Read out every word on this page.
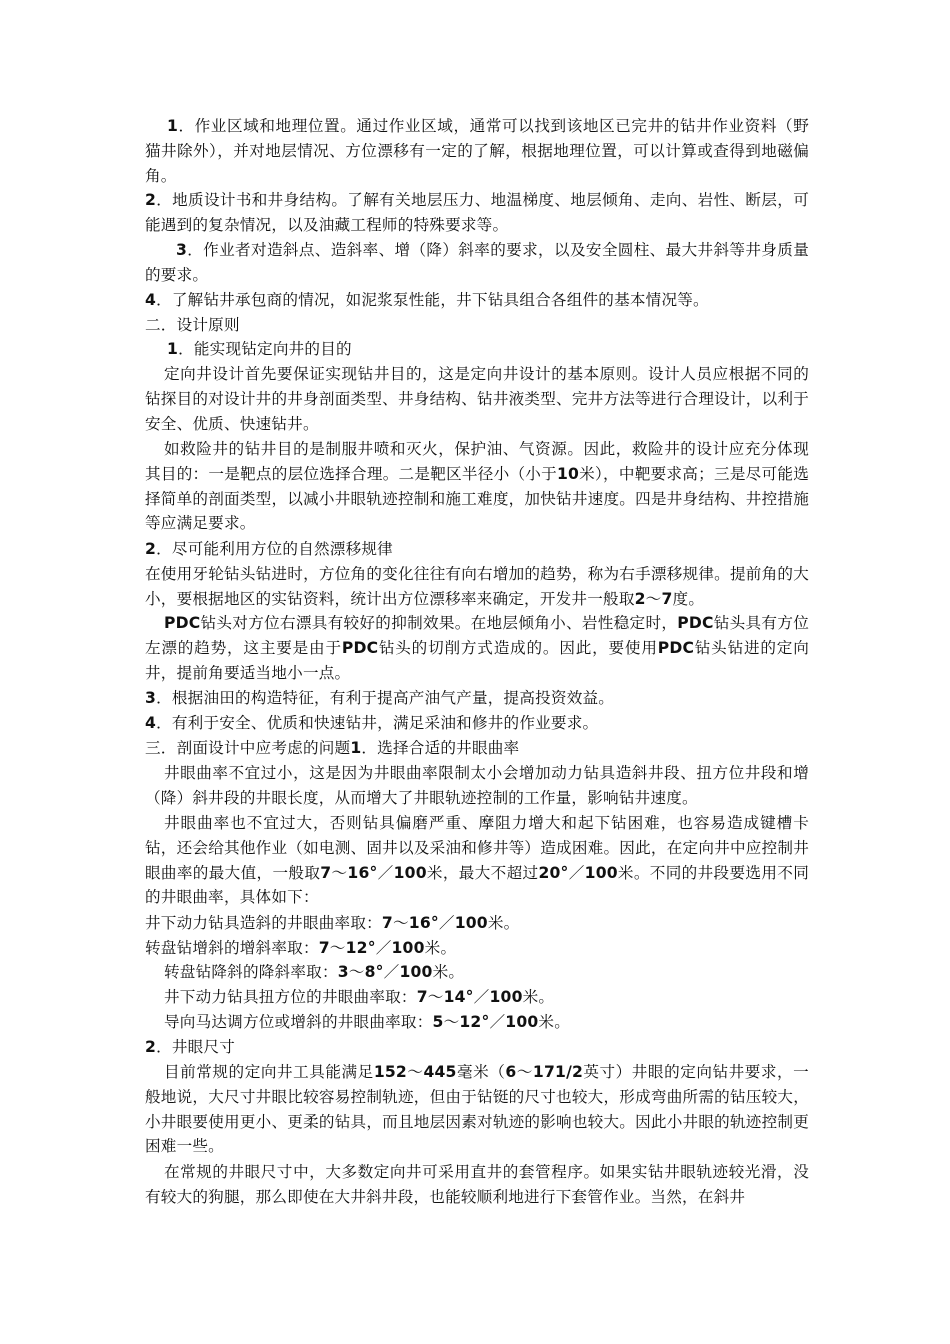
1．作业区域和地理位置。通过作业区域，通常可以找到该地区已完井的钻井作业资料（野猫井除外），并对地层情况、方位漂移有一定的了解，根据地理位置，可以计算或查得到地磁偏角。

2．地质设计书和井身结构。了解有关地层压力、地温梯度、地层倾角、走向、岩性、断层，可能遇到的复杂情况，以及油藏工程师的特殊要求等。

3．作业者对造斜点、造斜率、增（降）斜率的要求，以及安全圆柱、最大井斜等井身质量的要求。

4．了解钻井承包商的情况，如泥浆泵性能，井下钻具组合各组件的基本情况等。

二．设计原则

1．能实现钻定向井的目的

定向井设计首先要保证实现钻井目的，这是定向井设计的基本原则。设计人员应根据不同的钻探目的对设计井的井身剖面类型、井身结构、钻井液类型、完井方法等进行合理设计，以利于安全、优质、快速钻井。

如救险井的钻井目的是制服井喷和灭火，保护油、气资源。因此，救险井的设计应充分体现其目的：一是靶点的层位选择合理。二是靶区半径小（小于10米），中靶要求高；三是尽可能选择简单的剖面类型，以减小井眼轨迹控制和施工难度，加快钻井速度。四是井身结构、井控措施等应满足要求。

2．尽可能利用方位的自然漂移规律

在使用牙轮钻头钻进时，方位角的变化往往有向右增加的趋势，称为右手漂移规律。提前角的大小，要根据地区的实钻资料，统计出方位漂移率来确定，开发井一般取2～7度。

PDC钻头对方位右漂具有较好的抑制效果。在地层倾角小、岩性稳定时，PDC钻头具有方位左漂的趋势，这主要是由于PDC钻头的切削方式造成的。因此，要使用PDC钻头钻进的定向井，提前角要适当地小一点。

3．根据油田的构造特征，有利于提高产油气产量，提高投资效益。

4．有利于安全、优质和快速钻井，满足采油和修井的作业要求。

三．剖面设计中应考虑的问题1．选择合适的井眼曲率

井眼曲率不宜过小，这是因为井眼曲率限制太小会增加动力钻具造斜井段、扭方位井段和增（降）斜井段的井眼长度，从而增大了井眼轨迹控制的工作量，影响钻井速度。

井眼曲率也不宜过大，否则钻具偏磨严重、摩阻力增大和起下钻困难，也容易造成键槽卡钻，还会给其他作业（如电测、固井以及采油和修井等）造成困难。因此，在定向井中应控制井眼曲率的最大值，一般取7～16°／100米，最大不超过20°／100米。不同的井段要选用不同的井眼曲率，具体如下：

井下动力钻具造斜的井眼曲率取：7～16°／100米。

转盘钻增斜的增斜率取：7～12°／100米。

转盘钻降斜的降斜率取：3～8°／100米。

井下动力钻具扭方位的井眼曲率取：7～14°／100米。

导向马达调方位或增斜的井眼曲率取：5～12°／100米。

2．井眼尺寸

目前常规的定向井工具能满足152～445毫米（6～171/2英寸）井眼的定向钻井要求，一般地说，大尺寸井眼比较容易控制轨迹，但由于钻铤的尺寸也较大，形成弯曲所需的钻压较大，小井眼要使用更小、更柔的钻具，而且地层因素对轨迹的影响也较大。因此小井眼的轨迹控制更困难一些。

在常规的井眼尺寸中，大多数定向井可采用直井的套管程序。如果实钻井眼轨迹较光滑，没有较大的狗腿，那么即使在大井斜井段，也能较顺利地进行下套管作业。当然，在斜井
